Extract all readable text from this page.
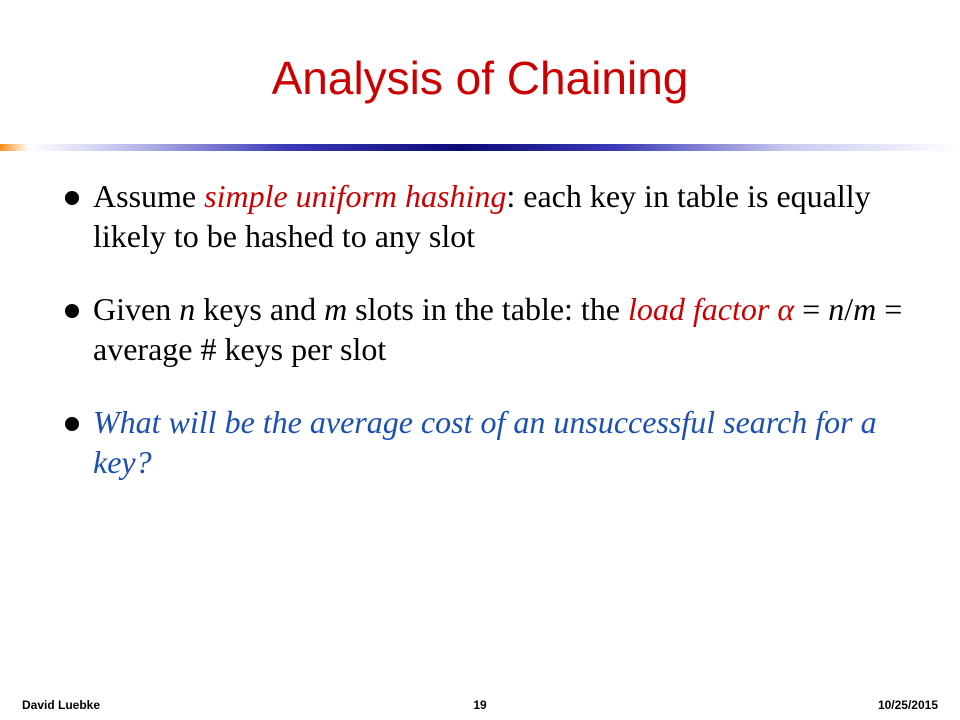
Analysis of Chaining
Assume simple uniform hashing: each key in table is equally likely to be hashed to any slot
Given n keys and m slots in the table: the load factor α = n/m = average # keys per slot
What will be the average cost of an unsuccessful search for a key?
David Luebke	19	10/25/2015
